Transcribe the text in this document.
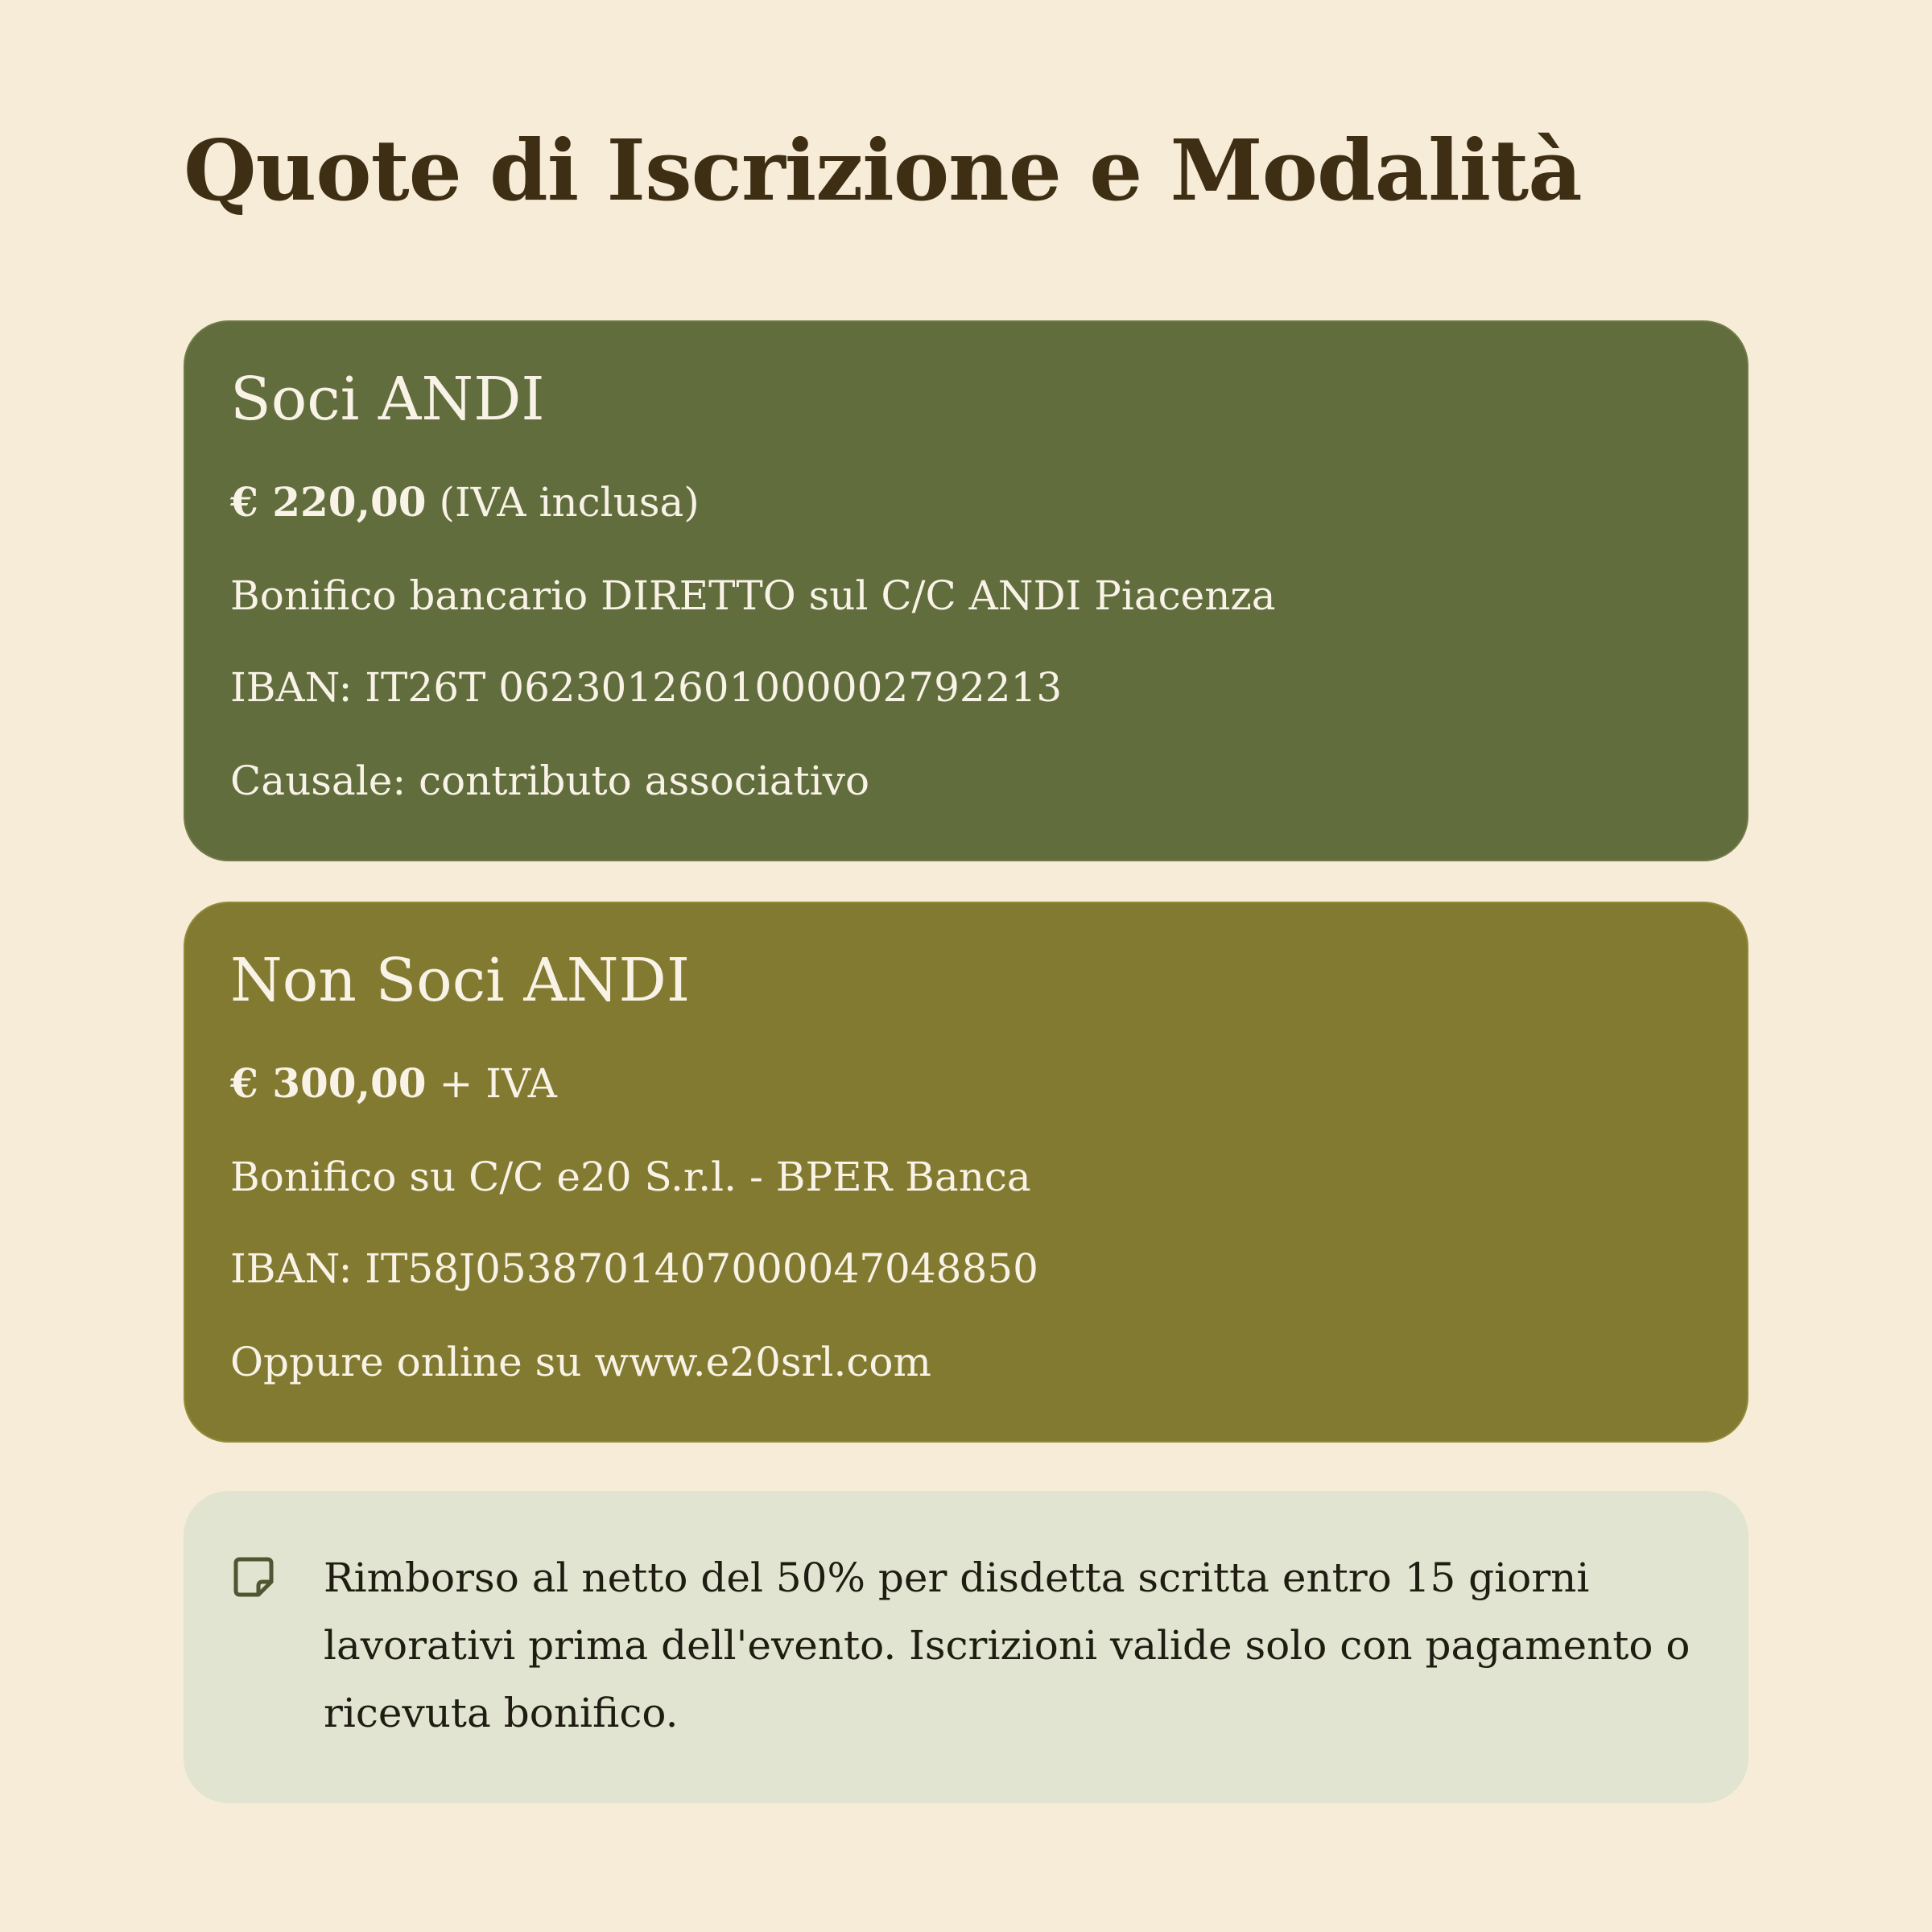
Quote di Iscrizione e Modalità
Soci ANDI
€ 220,00 (IVA inclusa)
Bonifico bancario DIRETTO sul C/C ANDI Piacenza
IBAN: IT26T 0623012601000002792213
Causale: contributo associativo
Non Soci ANDI
€ 300,00 + IVA
Bonifico su C/C e20 S.r.l. - BPER Banca
IBAN: IT58J0538701407000047048850
Oppure online su www.e20srl.com
Rimborso al netto del 50% per disdetta scritta entro 15 giorni lavorativi prima dell'evento. Iscrizioni valide solo con pagamento o ricevuta bonifico.
